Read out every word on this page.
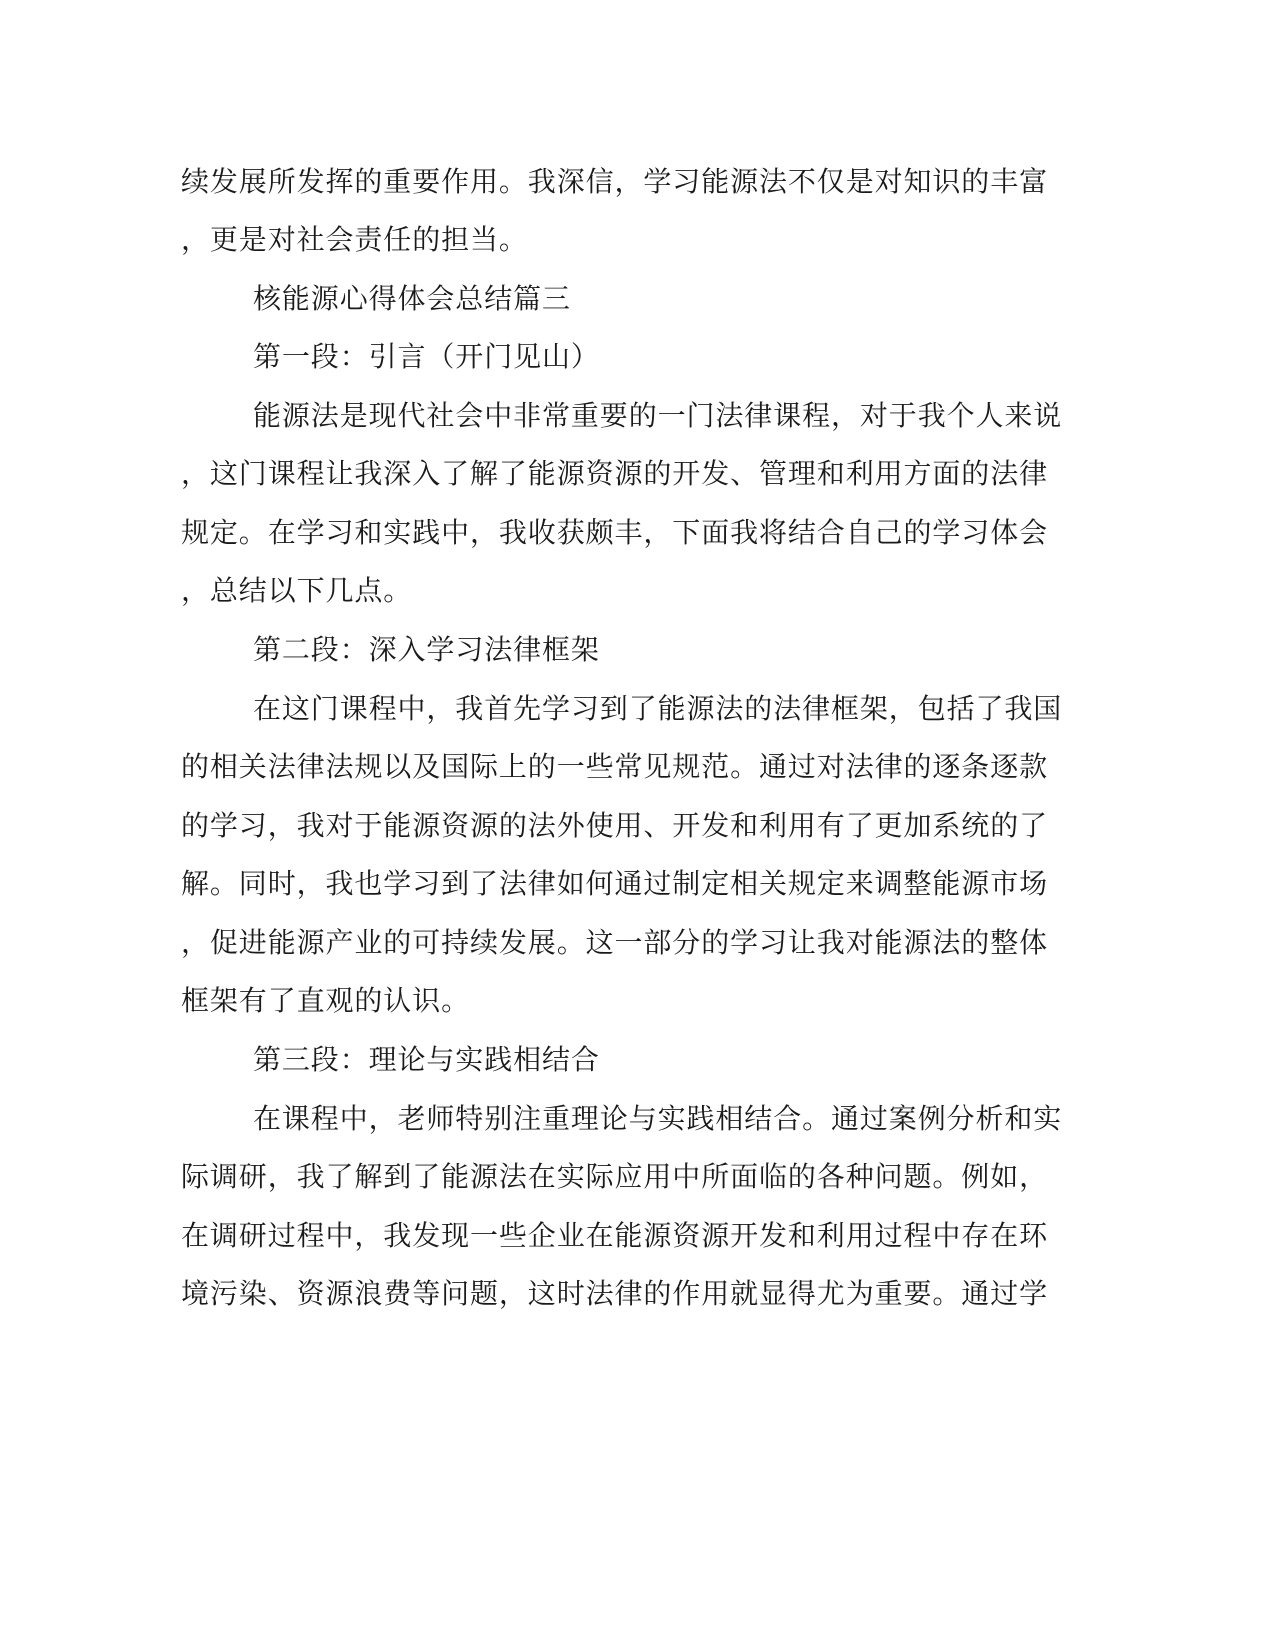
续发展所发挥的重要作用。我深信，学习能源法不仅是对知识的丰富
，更是对社会责任的担当。
核能源心得体会总结篇三
第一段：引言（开门见山）
能源法是现代社会中非常重要的一门法律课程，对于我个人来说
，这门课程让我深入了解了能源资源的开发、管理和利用方面的法律
规定。在学习和实践中，我收获颇丰，下面我将结合自己的学习体会
，总结以下几点。
第二段：深入学习法律框架
在这门课程中，我首先学习到了能源法的法律框架，包括了我国
的相关法律法规以及国际上的一些常见规范。通过对法律的逐条逐款
的学习，我对于能源资源的法外使用、开发和利用有了更加系统的了
解。同时，我也学习到了法律如何通过制定相关规定来调整能源市场
，促进能源产业的可持续发展。这一部分的学习让我对能源法的整体
框架有了直观的认识。
第三段：理论与实践相结合
在课程中，老师特别注重理论与实践相结合。通过案例分析和实
际调研，我了解到了能源法在实际应用中所面临的各种问题。例如，
在调研过程中，我发现一些企业在能源资源开发和利用过程中存在环
境污染、资源浪费等问题，这时法律的作用就显得尤为重要。通过学
